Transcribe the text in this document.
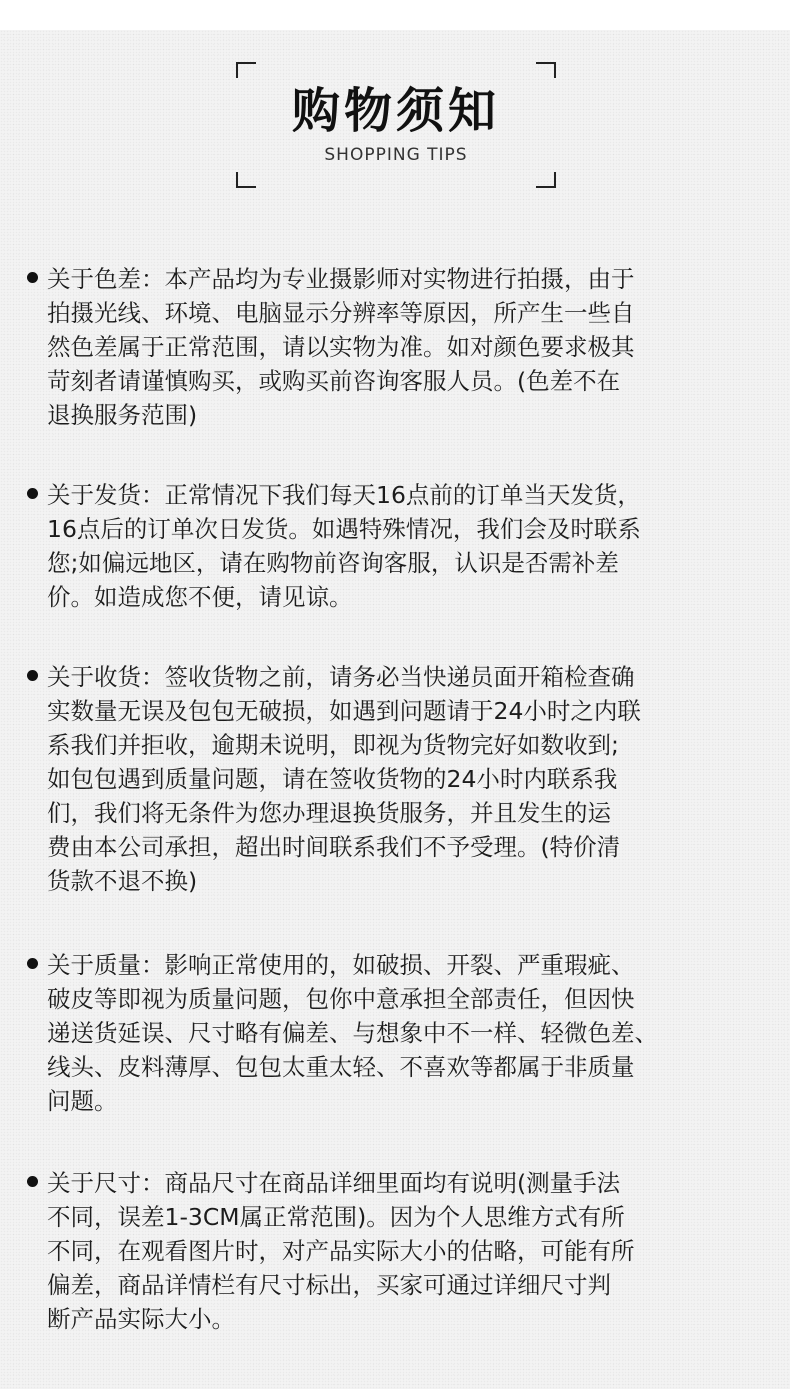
购物须知
SHOPPING TIPS

关于色差：本产品均为专业摄影师对实物进行拍摄，由于
拍摄光线、环境、电脑显示分辨率等原因，所产生一些自
然色差属于正常范围，请以实物为准。如对颜色要求极其
苛刻者请谨慎购买，或购买前咨询客服人员。(色差不在
退换服务范围)

关于发货：正常情况下我们每天16点前的订单当天发货，
16点后的订单次日发货。如遇特殊情况，我们会及时联系
您;如偏远地区，请在购物前咨询客服，认识是否需补差
价。如造成您不便，请见谅。

关于收货：签收货物之前，请务必当快递员面开箱检查确
实数量无误及包包无破损，如遇到问题请于24小时之内联
系我们并拒收，逾期未说明，即视为货物完好如数收到;
如包包遇到质量问题，请在签收货物的24小时内联系我
们，我们将无条件为您办理退换货服务，并且发生的运
费由本公司承担，超出时间联系我们不予受理。(特价清
货款不退不换)

关于质量：影响正常使用的，如破损、开裂、严重瑕疵、
破皮等即视为质量问题，包你中意承担全部责任，但因快
递送货延误、尺寸略有偏差、与想象中不一样、轻微色差、
线头、皮料薄厚、包包太重太轻、不喜欢等都属于非质量
问题。

关于尺寸：商品尺寸在商品详细里面均有说明(测量手法
不同，误差1-3CM属正常范围)。因为个人思维方式有所
不同，在观看图片时，对产品实际大小的估略，可能有所
偏差，商品详情栏有尺寸标出，买家可通过详细尺寸判
断产品实际大小。
